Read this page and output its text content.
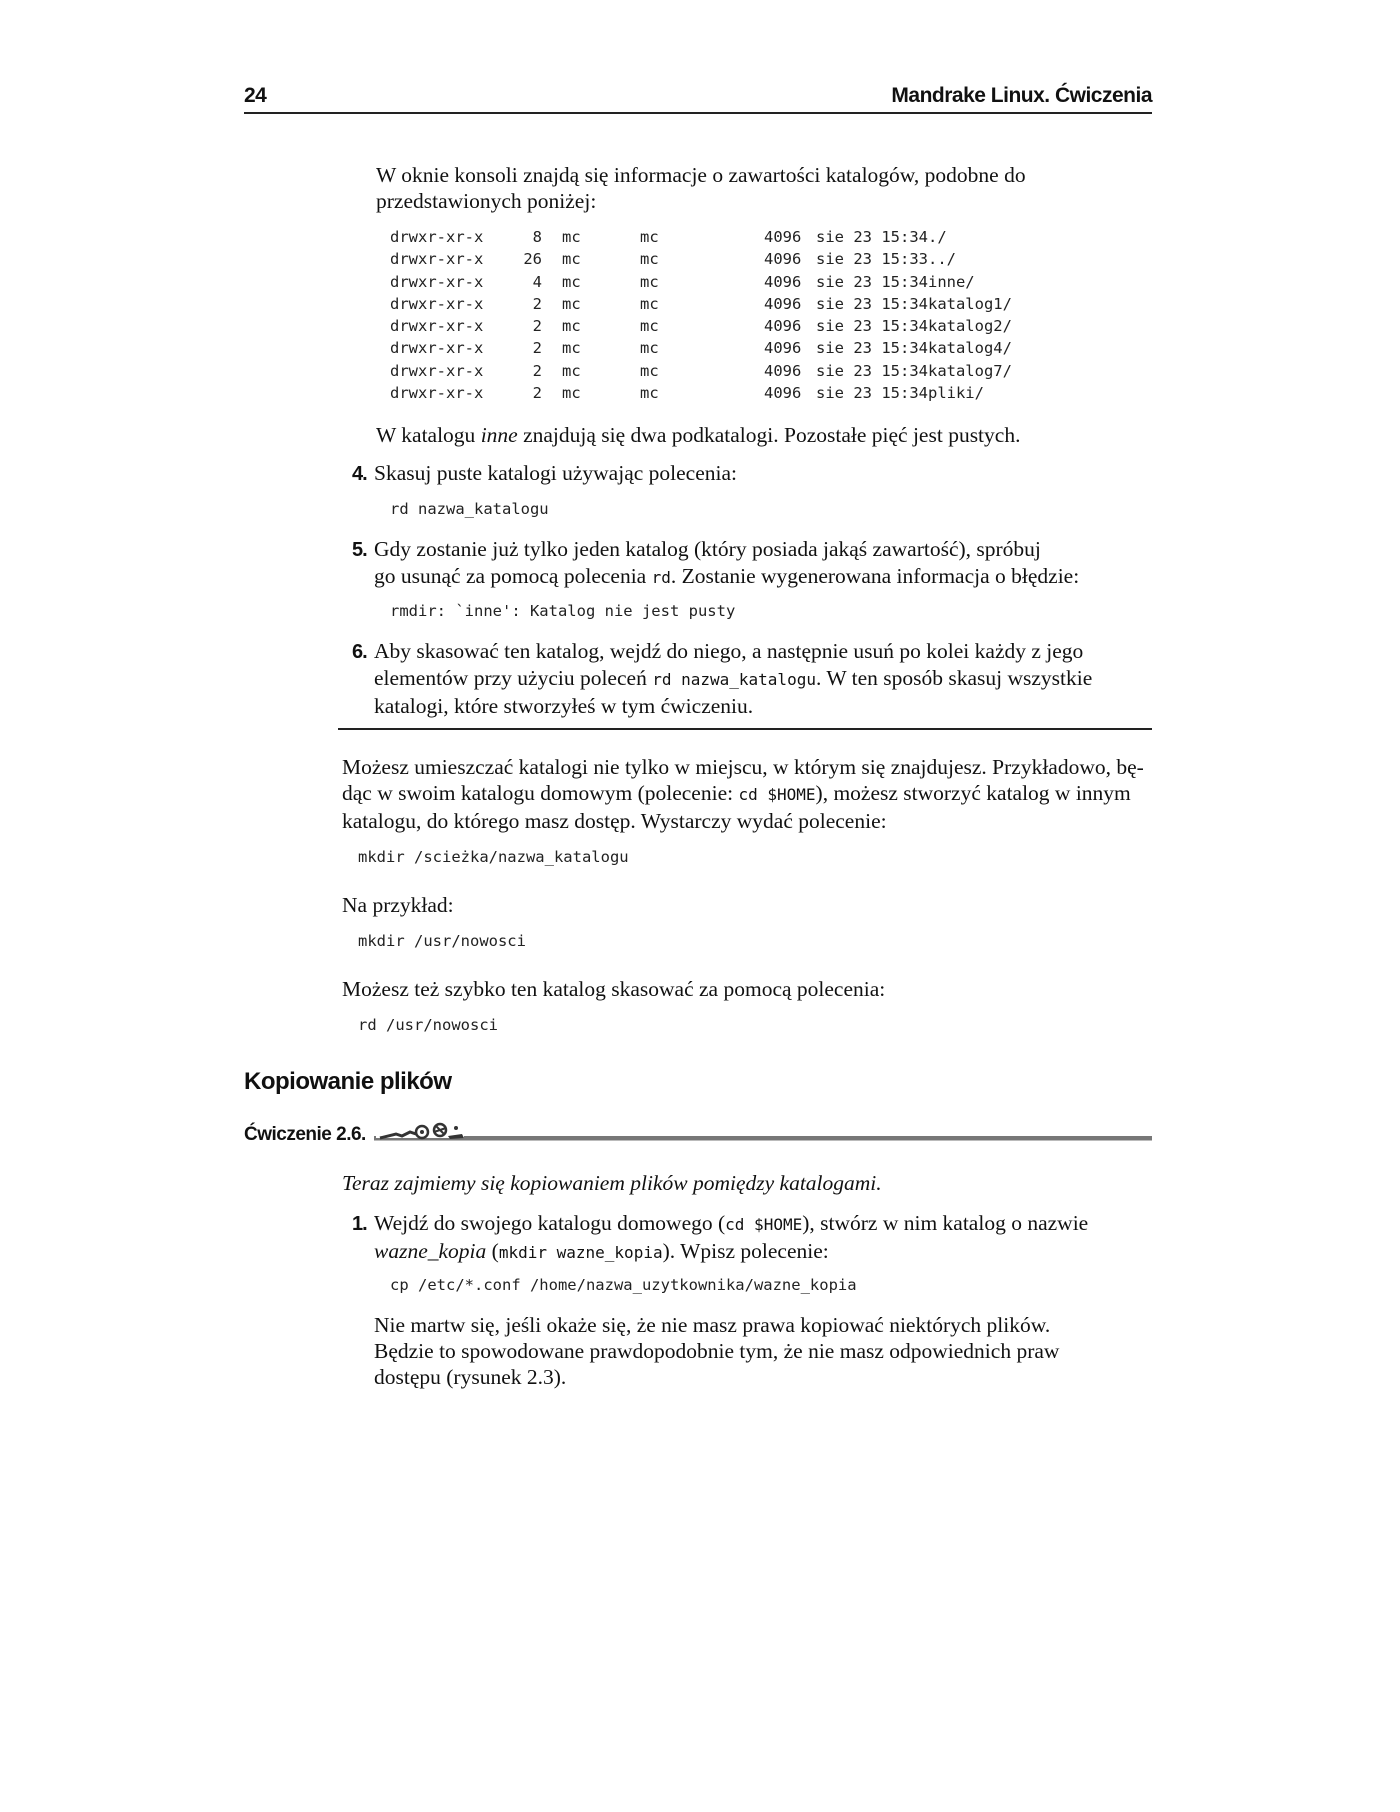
24	Mandrake Linux. Ćwiczenia

W oknie konsoli znajdą się informacje o zawartości katalogów, podobne do przedstawionych poniżej:

drwxr-xr-x	8	mc	mc	4096	sie 23 15:34	./
drwxr-xr-x	26	mc	mc	4096	sie 23 15:33	../
drwxr-xr-x	4	mc	mc	4096	sie 23 15:34	inne/
drwxr-xr-x	2	mc	mc	4096	sie 23 15:34	katalog1/
drwxr-xr-x	2	mc	mc	4096	sie 23 15:34	katalog2/
drwxr-xr-x	2	mc	mc	4096	sie 23 15:34	katalog4/
drwxr-xr-x	2	mc	mc	4096	sie 23 15:34	katalog7/
drwxr-xr-x	2	mc	mc	4096	sie 23 15:34	pliki/

W katalogu inne znajdują się dwa podkatalogi. Pozostałe pięć jest pustych.

4. Skasuj puste katalogi używając polecenia:

rd nazwa_katalogu
5. Gdy zostanie już tylko jeden katalog (który posiada jakąś zawartość), spróbuj
go usunąć za pomocą polecenia rd. Zostanie wygenerowana informacja o błędzie:
rmdir: `inne': Katalog nie jest pusty
6. Aby skasować ten katalog, wejdź do niego, a następnie usuń po kolei każdy z jego
elementów przy użyciu poleceń rd nazwa_katalogu. W ten sposób skasuj wszystkie
katalogi, które stworzyłeś w tym ćwiczeniu.
Możesz umieszczać katalogi nie tylko w miejscu, w którym się znajdujesz. Przykładowo, bę-
dąc w swoim katalogu domowym (polecenie: cd $HOME), możesz stworzyć katalog w innym
katalogu, do którego masz dostęp. Wystarczy wydać polecenie:
mkdir /scieżka/nazwa_katalogu

Na przykład:

mkdir /usr/nowosci

Możesz też szybko ten katalog skasować za pomocą polecenia:

rd /usr/nowosci
Kopiowanie plików
Ćwiczenie 2.6.

Teraz zajmiemy się kopiowaniem plików pomiędzy katalogami.

1. Wejdź do swojego katalogu domowego (cd $HOME), stwórz w nim katalog o nazwie
wazne_kopia (mkdir wazne_kopia). Wpisz polecenie:
cp /etc/*.conf /home/nazwa_uzytkownika/wazne_kopia
Nie martw się, jeśli okaże się, że nie masz prawa kopiować niektórych plików.
Będzie to spowodowane prawdopodobnie tym, że nie masz odpowiednich praw
dostępu (rysunek 2.3).
